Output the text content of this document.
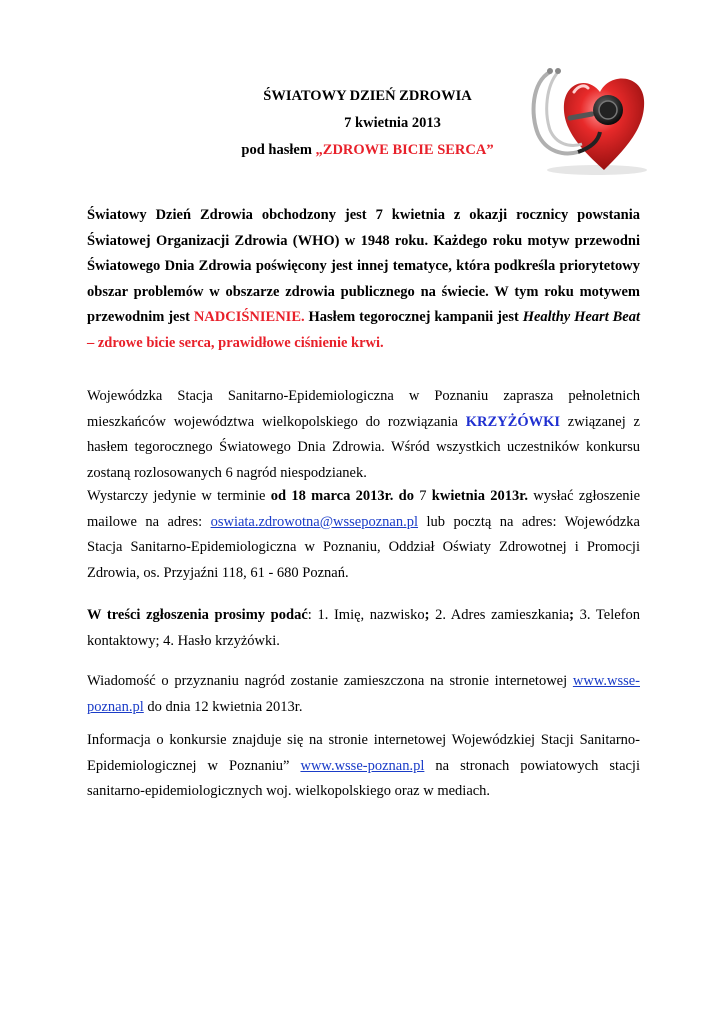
ŚWIATOWY DZIEŃ ZDROWIA
7 kwietnia 2013
pod hasłem „ZDROWE BICIE SERCA”

Światowy Dzień Zdrowia obchodzony jest 7 kwietnia z okazji rocznicy powstania Światowej Organizacji Zdrowia (WHO) w 1948 roku. Każdego roku motyw przewodni Światowego Dnia Zdrowia poświęcony jest innej tematyce, która podkreśla priorytetowy obszar problemów w obszarze zdrowia publicznego na świecie. W tym roku motywem przewodnim jest NADCIŚNIENIE. Hasłem tegorocznej kampanii jest Healthy Heart Beat – zdrowe bicie serca, prawidłowe ciśnienie krwi.

Wojewódzka Stacja Sanitarno-Epidemiologiczna w Poznaniu zaprasza pełnoletnich mieszkańców województwa wielkopolskiego do rozwiązania KRZYŻÓWKI związanej z hasłem tegorocznego Światowego Dnia Zdrowia. Wśród wszystkich uczestników konkursu zostaną rozlosowanych 6 nagród niespodzianek.

Wystarczy jedynie w terminie od 18 marca 2013r. do 7 kwietnia 2013r. wysłać zgłoszenie mailowe na adres: oswiata.zdrowotna@wssepoznan.pl lub pocztą na adres: Wojewódzka Stacja Sanitarno-Epidemiologiczna w Poznaniu, Oddział Oświaty Zdrowotnej i Promocji Zdrowia, os. Przyjaźni 118, 61 - 680 Poznań.

W treści zgłoszenia prosimy podać: 1. Imię, nazwisko; 2. Adres zamieszkania; 3. Telefon kontaktowy; 4. Hasło krzyżówki.

Wiadomość o przyznaniu nagród zostanie zamieszczona na stronie internetowej www.wsse-poznan.pl do dnia 12 kwietnia 2013r.

Informacja o konkursie znajduje się na stronie internetowej Wojewódzkiej Stacji Sanitarno-Epidemiologicznej w Poznaniu” www.wsse-poznan.pl na stronach powiatowych stacji sanitarno-epidemiologicznych woj. wielkopolskiego oraz w mediach.
